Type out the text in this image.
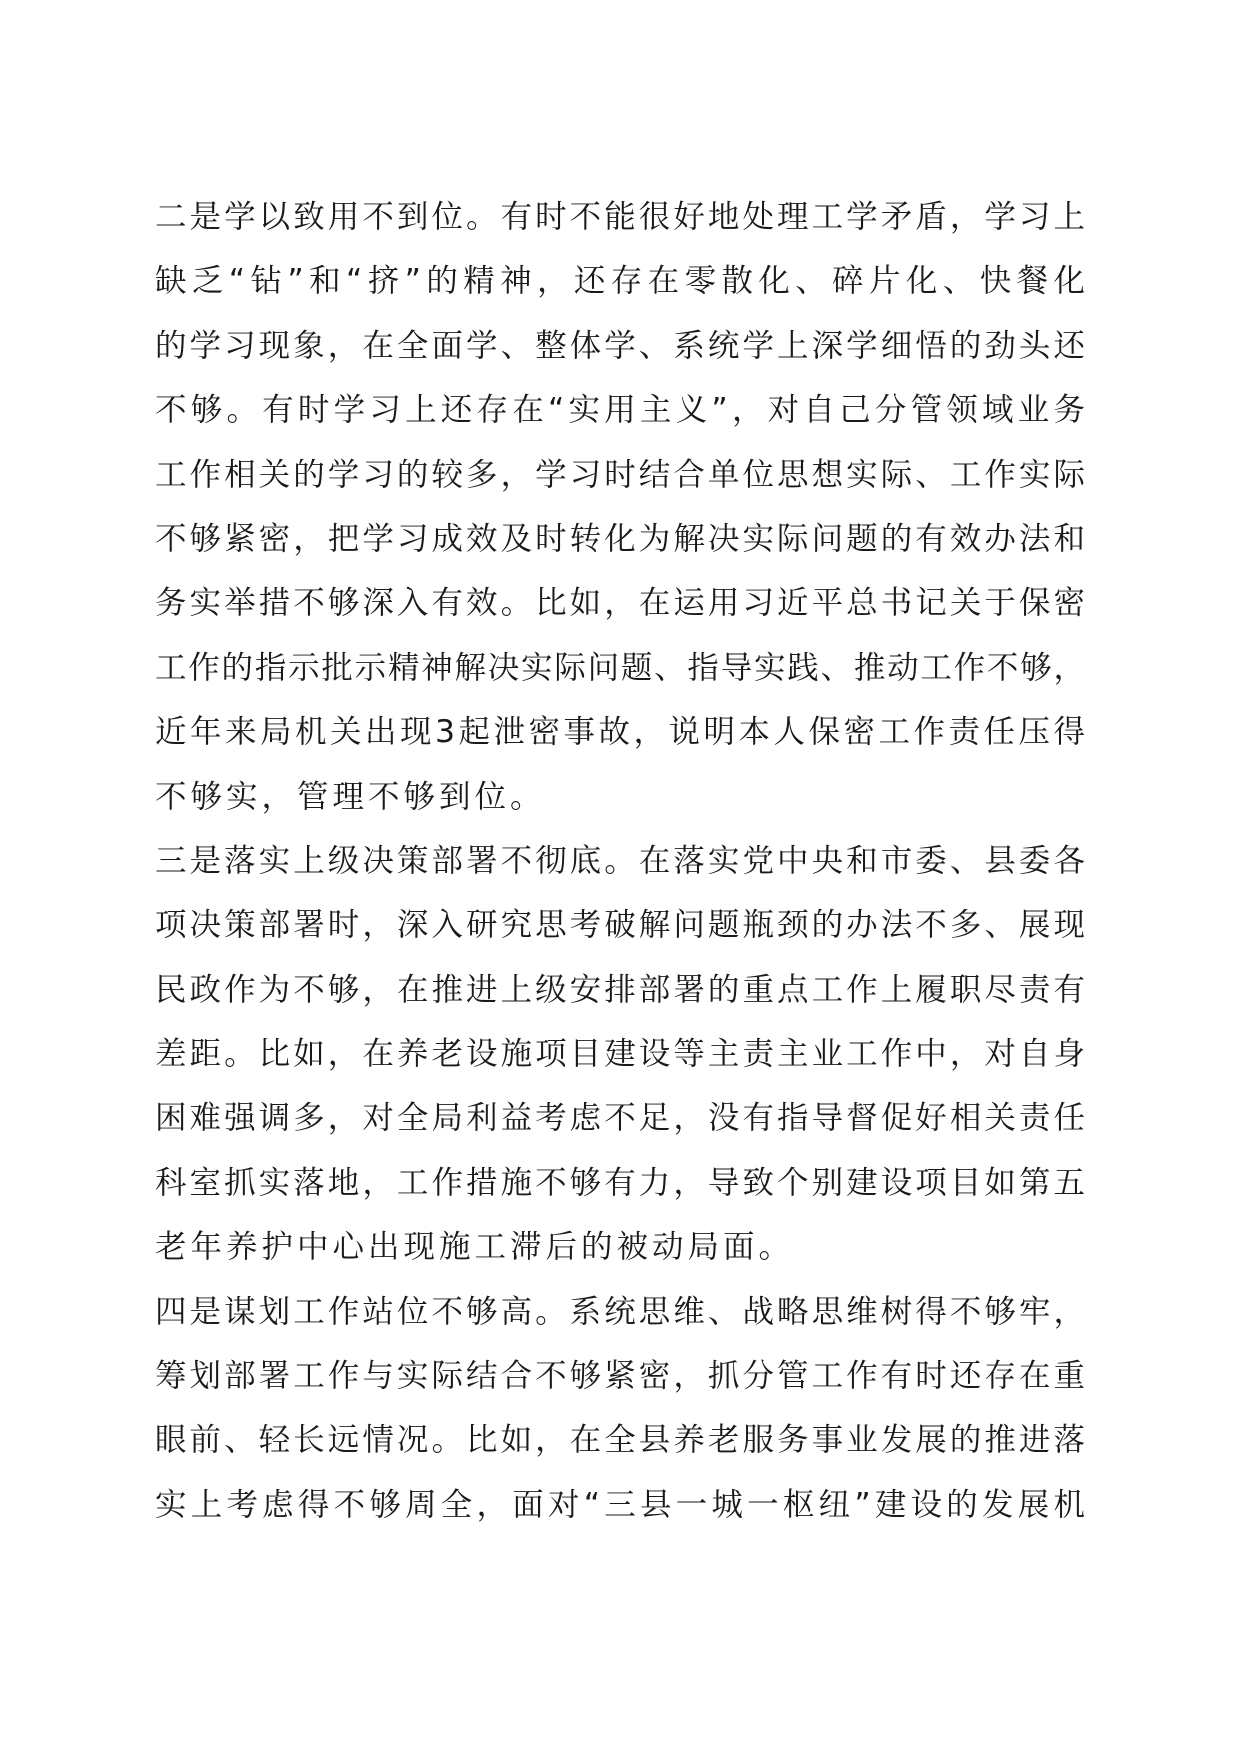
二是学以致用不到位。有时不能很好地处理工学矛盾，学习上
缺乏“钻”和“挤”的精神，还存在零散化、碎片化、快餐化
的学习现象，在全面学、整体学、系统学上深学细悟的劲头还
不够。有时学习上还存在“实用主义”，对自己分管领域业务
工作相关的学习的较多，学习时结合单位思想实际、工作实际
不够紧密，把学习成效及时转化为解决实际问题的有效办法和
务实举措不够深入有效。比如，在运用习近平总书记关于保密
工作的指示批示精神解决实际问题、指导实践、推动工作不够，
近年来局机关出现3起泄密事故，说明本人保密工作责任压得
不够实，管理不够到位。
三是落实上级决策部署不彻底。在落实党中央和市委、县委各
项决策部署时，深入研究思考破解问题瓶颈的办法不多、展现
民政作为不够，在推进上级安排部署的重点工作上履职尽责有
差距。比如，在养老设施项目建设等主责主业工作中，对自身
困难强调多，对全局利益考虑不足，没有指导督促好相关责任
科室抓实落地，工作措施不够有力，导致个别建设项目如第五
老年养护中心出现施工滞后的被动局面。
四是谋划工作站位不够高。系统思维、战略思维树得不够牢，
筹划部署工作与实际结合不够紧密，抓分管工作有时还存在重
眼前、轻长远情况。比如，在全县养老服务事业发展的推进落
实上考虑得不够周全，面对“三县一城一枢纽”建设的发展机
